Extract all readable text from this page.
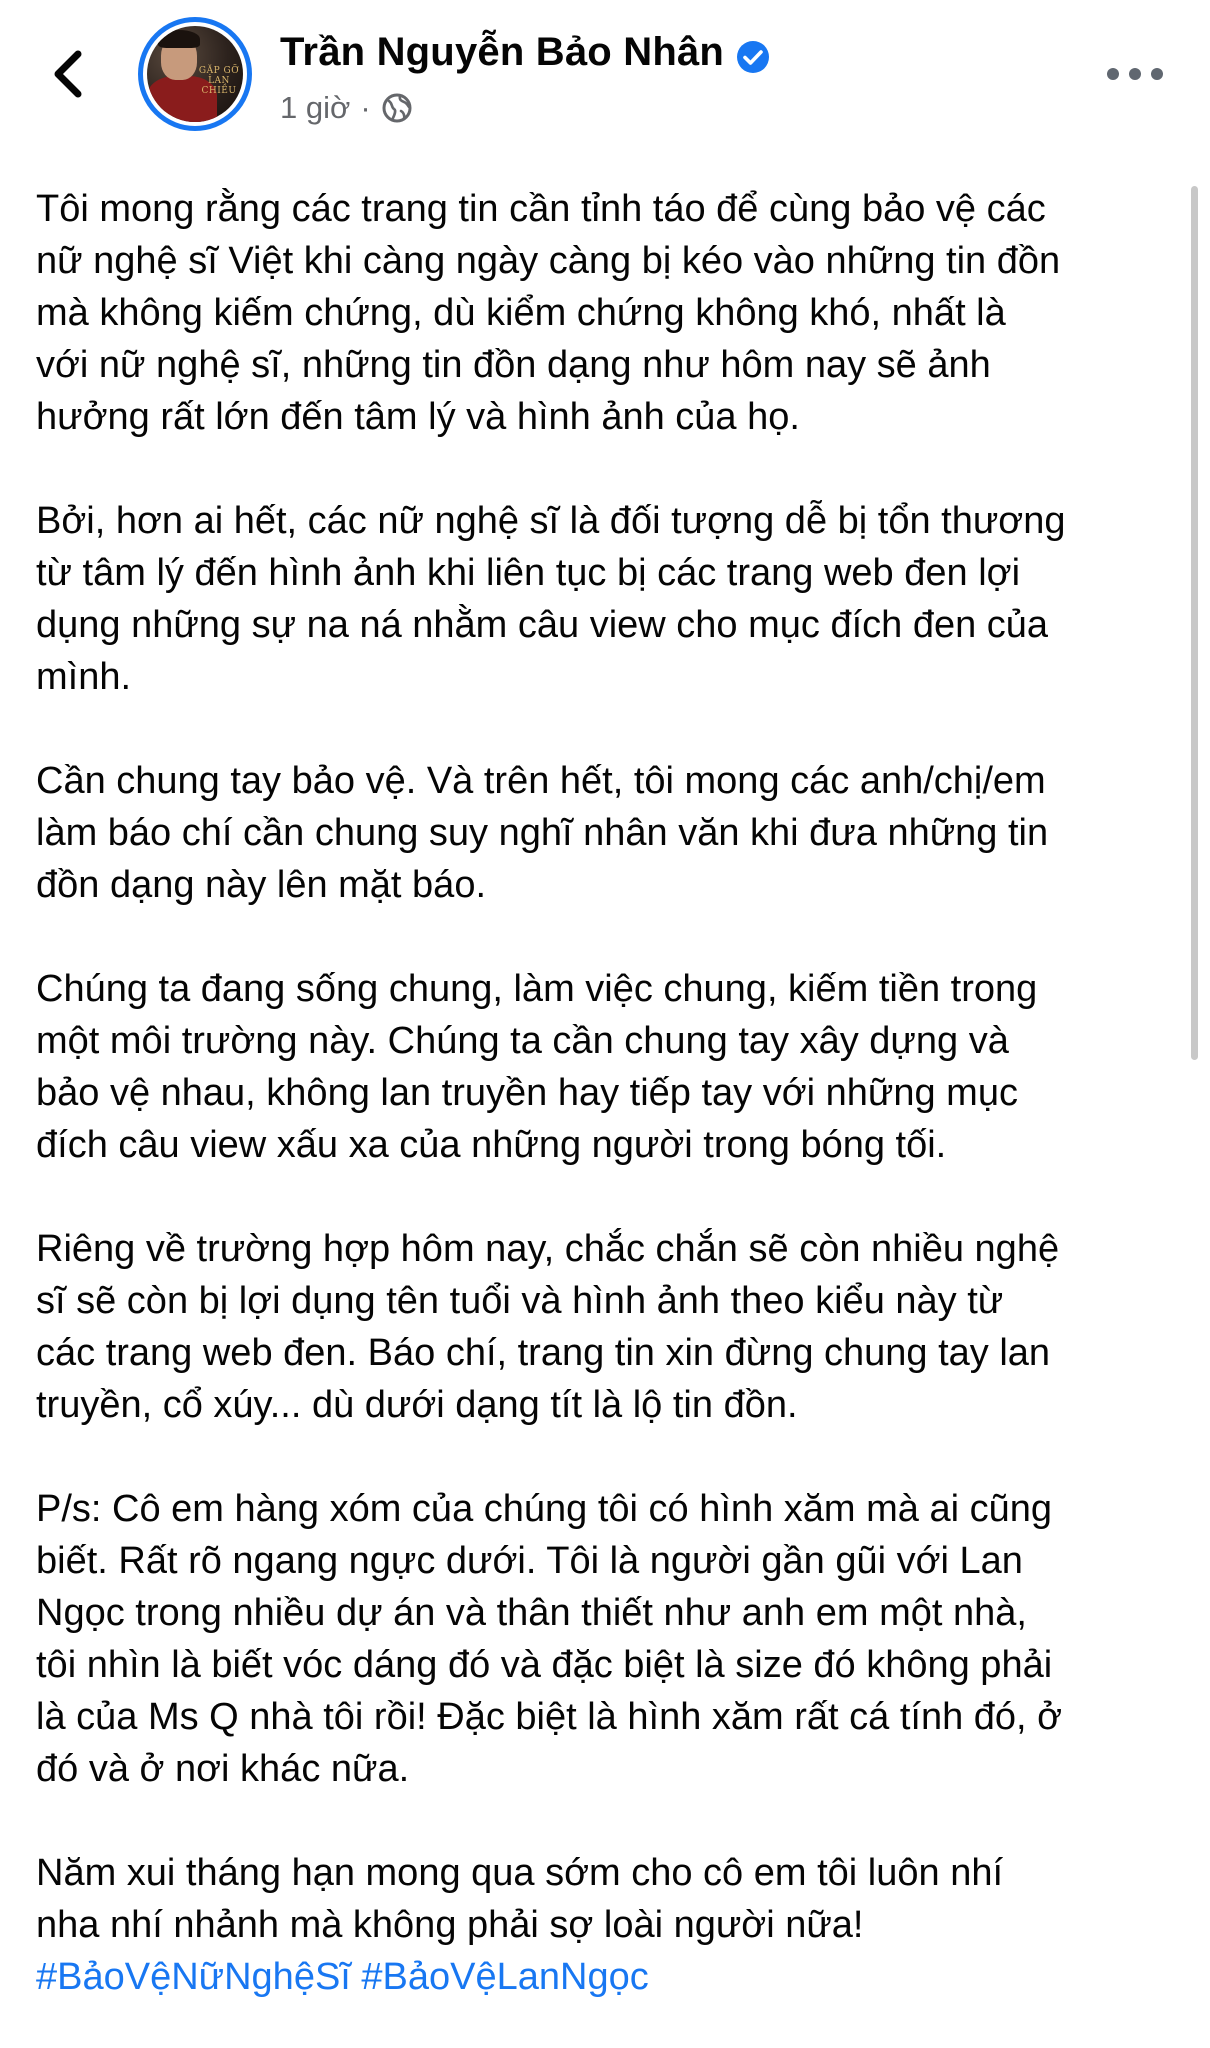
GẶP GỠ LAN CHIỀU
Trần Nguyễn Bảo Nhân
1 giờ ·

Tôi mong rằng các trang tin cần tỉnh táo để cùng bảo vệ các
nữ nghệ sĩ Việt khi càng ngày càng bị kéo vào những tin đồn
mà không kiếm chứng, dù kiểm chứng không khó, nhất là
với nữ nghệ sĩ, những tin đồn dạng như hôm nay sẽ ảnh
hưởng rất lớn đến tâm lý và hình ảnh của họ.

Bởi, hơn ai hết, các nữ nghệ sĩ là đối tượng dễ bị tổn thương
từ tâm lý đến hình ảnh khi liên tục bị các trang web đen lợi
dụng những sự na ná nhằm câu view cho mục đích đen của
mình.

Cần chung tay bảo vệ. Và trên hết, tôi mong các anh/chị/em
làm báo chí cần chung suy nghĩ nhân văn khi đưa những tin
đồn dạng này lên mặt báo.

Chúng ta đang sống chung, làm việc chung, kiếm tiền trong
một môi trường này. Chúng ta cần chung tay xây dựng và
bảo vệ nhau, không lan truyền hay tiếp tay với những mục
đích câu view xấu xa của những người trong bóng tối.

Riêng về trường hợp hôm nay, chắc chắn sẽ còn nhiều nghệ
sĩ sẽ còn bị lợi dụng tên tuổi và hình ảnh theo kiểu này từ
các trang web đen. Báo chí, trang tin xin đừng chung tay lan
truyền, cổ xúy... dù dưới dạng tít là lộ tin đồn.

P/s: Cô em hàng xóm của chúng tôi có hình xăm mà ai cũng
biết. Rất rõ ngang ngực dưới. Tôi là người gần gũi với Lan
Ngọc trong nhiều dự án và thân thiết như anh em một nhà,
tôi nhìn là biết vóc dáng đó và đặc biệt là size đó không phải
là của Ms Q nhà tôi rồi! Đặc biệt là hình xăm rất cá tính đó, ở
đó và ở nơi khác nữa.

Năm xui tháng hạn mong qua sớm cho cô em tôi luôn nhí
nha nhí nhảnh mà không phải sợ loài người nữa!

#BảoVệNữNghệSĩ #BảoVệLanNgọc
